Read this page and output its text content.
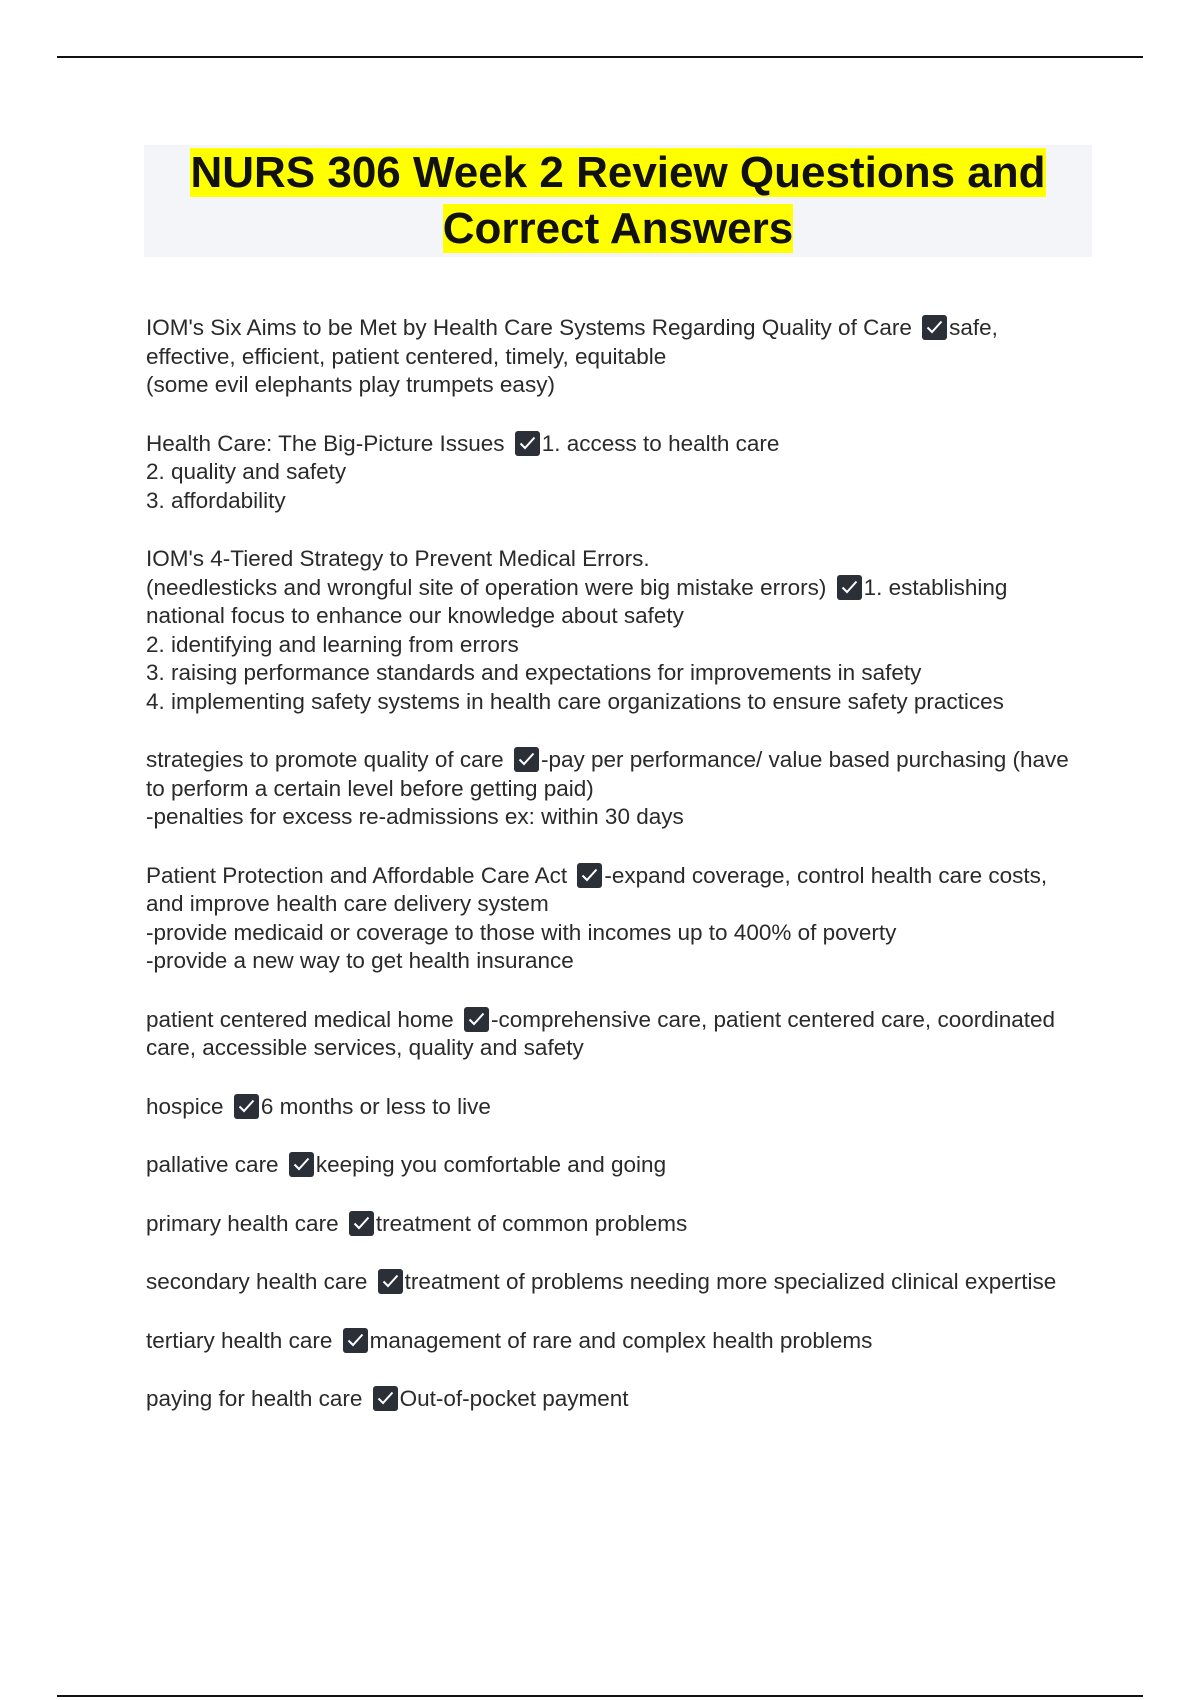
NURS 306 Week 2 Review Questions and
Correct Answers
IOM's Six Aims to be Met by Health Care Systems Regarding Quality of Care safe, effective, efficient, patient centered, timely, equitable
(some evil elephants play trumpets easy)
Health Care: The Big-Picture Issues 1. access to health care
2. quality and safety
3. affordability
IOM's 4-Tiered Strategy to Prevent Medical Errors.
(needlesticks and wrongful site of operation were big mistake errors) 1. establishing national focus to enhance our knowledge about safety
2. identifying and learning from errors
3. raising performance standards and expectations for improvements in safety
4. implementing safety systems in health care organizations to ensure safety practices
strategies to promote quality of care -pay per performance/ value based purchasing (have to perform a certain level before getting paid)
-penalties for excess re-admissions ex: within 30 days
Patient Protection and Affordable Care Act -expand coverage, control health care costs, and improve health care delivery system
-provide medicaid or coverage to those with incomes up to 400% of poverty
-provide a new way to get health insurance
patient centered medical home -comprehensive care, patient centered care, coordinated care, accessible services, quality and safety
hospice 6 months or less to live
pallative care keeping you comfortable and going
primary health care treatment of common problems
secondary health care treatment of problems needing more specialized clinical expertise
tertiary health care management of rare and complex health problems
paying for health care Out-of-pocket payment
